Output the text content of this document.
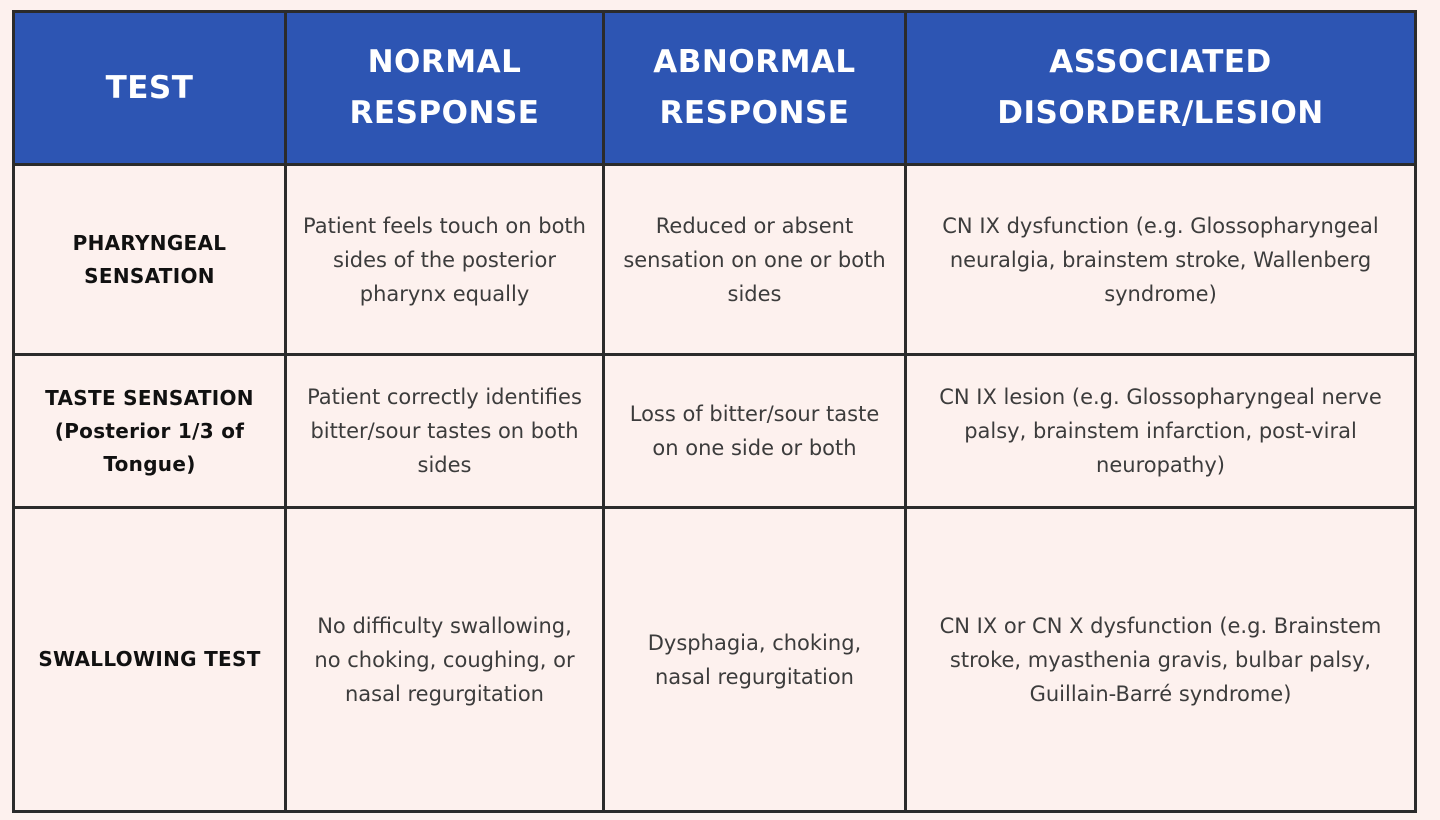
TEST	NORMAL RESPONSE	ABNORMAL RESPONSE	ASSOCIATED DISORDER/LESION

PHARYNGEAL SENSATION	Patient feels touch on both sides of the posterior pharynx equally	Reduced or absent sensation on one or both sides	CN IX dysfunction (e.g. Glossopharyngeal neuralgia, brainstem stroke, Wallenberg syndrome)

TASTE SENSATION (Posterior 1/3 of Tongue)	Patient correctly identifies bitter/sour tastes on both sides	Loss of bitter/sour taste on one side or both	CN IX lesion (e.g. Glossopharyngeal nerve palsy, brainstem infarction, post-viral neuropathy)

SWALLOWING TEST	No difficulty swallowing, no choking, coughing, or nasal regurgitation	Dysphagia, choking, nasal regurgitation	CN IX or CN X dysfunction (e.g. Brainstem stroke, myasthenia gravis, bulbar palsy, Guillain-Barré syndrome)
